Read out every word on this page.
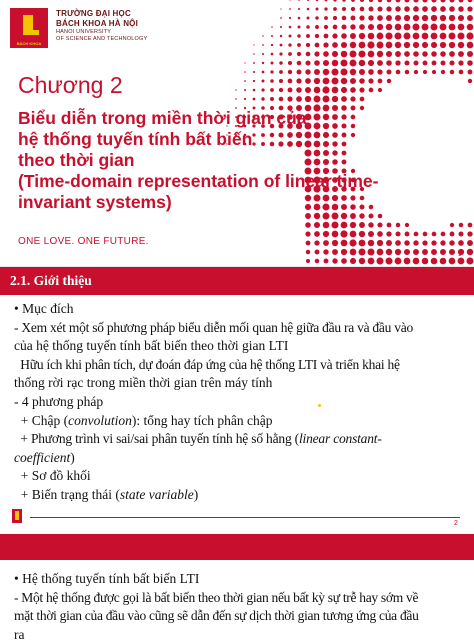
BÁCH KHOA
TRƯỜNG ĐẠI HỌC
BÁCH KHOA HÀ NỘI
HANOI UNIVERSITY
OF SCIENCE AND TECHNOLOGY
Chương 2
Biểu diễn trong miền thời gian của
hệ thống tuyến tính bất biến
theo thời gian
(Time-domain representation of linear time-
invariant systems)
ONE LOVE. ONE FUTURE.
1
2.1. Giới thiệu

• Mục đích

- Xem xét một số phương pháp biểu diễn mối quan hệ giữa đầu ra và đầu vào

của hệ thống tuyến tính bất biến theo thời gian LTI

Hữu ích khi phân tích, dự đoán đáp ứng của hệ thống LTI và triển khai hệ

thống rời rạc trong miền thời gian trên máy tính

- 4 phương pháp

+ Chập (convolution): tổng hay tích phân chập

+ Phương trình vi sai/sai phân tuyến tính hệ số hằng (linear constant-

coefficient)

+ Sơ đồ khối

+ Biến trạng thái (state variable)

2

• Hệ thống tuyến tính bất biến LTI

- Một hệ thống được gọi là bất biến theo thời gian nếu bất kỳ sự trễ hay sớm về

mặt thời gian của đầu vào cũng sẽ dẫn đến sự dịch thời gian tương ứng của đầu

ra
